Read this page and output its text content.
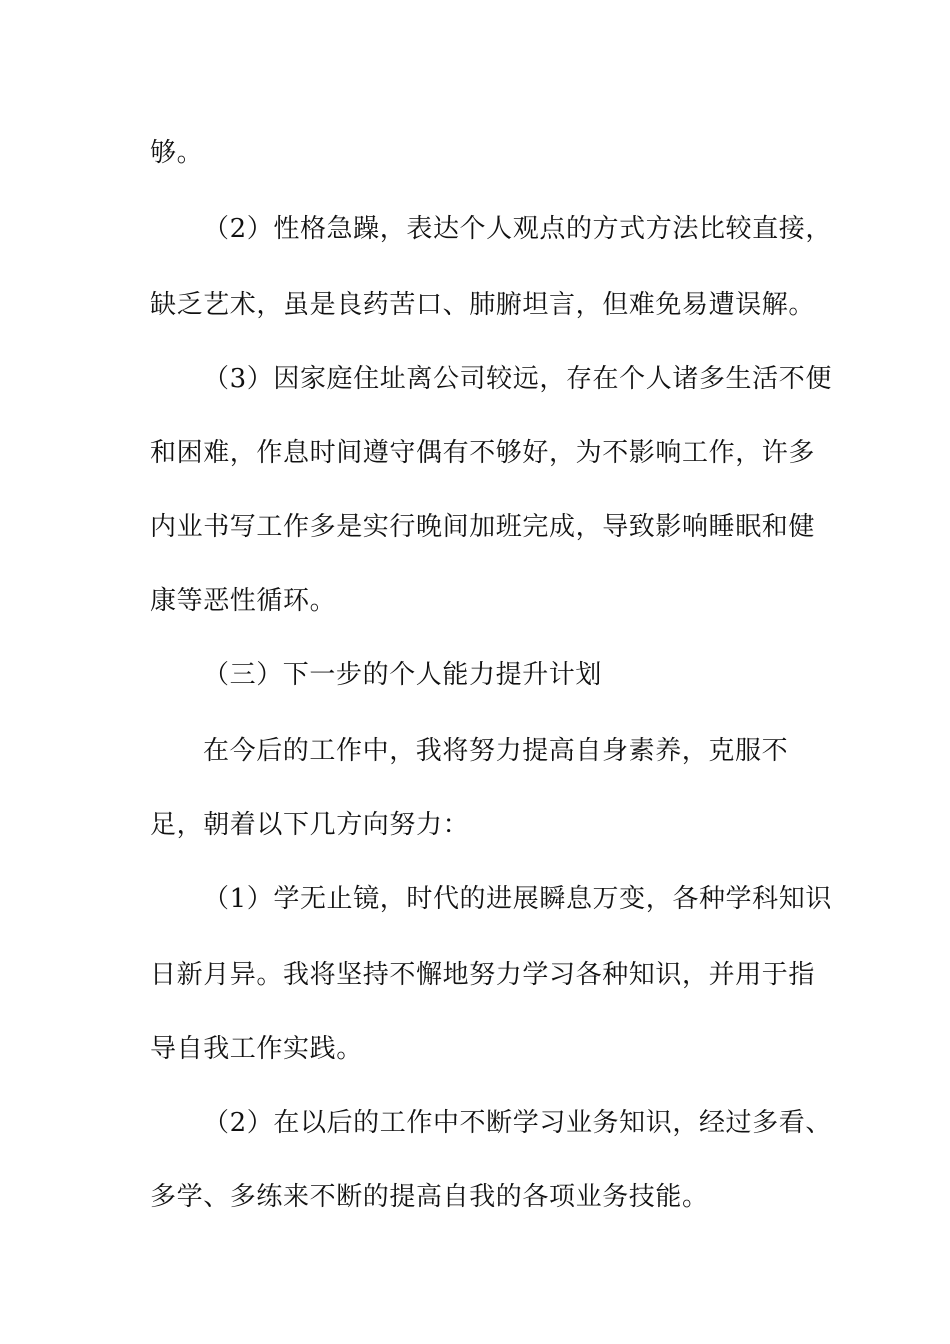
够。
（2）性格急躁，表达个人观点的方式方法比较直接，
缺乏艺术，虽是良药苦口、肺腑坦言，但难免易遭误解。
（3）因家庭住址离公司较远，存在个人诸多生活不便
和困难，作息时间遵守偶有不够好，为不影响工作，许多
内业书写工作多是实行晚间加班完成，导致影响睡眠和健
康等恶性循环。
（三）下一步的个人能力提升计划
在今后的工作中，我将努力提高自身素养，克服不
足，朝着以下几方向努力：
（1）学无止镜，时代的进展瞬息万变，各种学科知识
日新月异。我将坚持不懈地努力学习各种知识，并用于指
导自我工作实践。
（2）在以后的工作中不断学习业务知识，经过多看、
多学、多练来不断的提高自我的各项业务技能。
